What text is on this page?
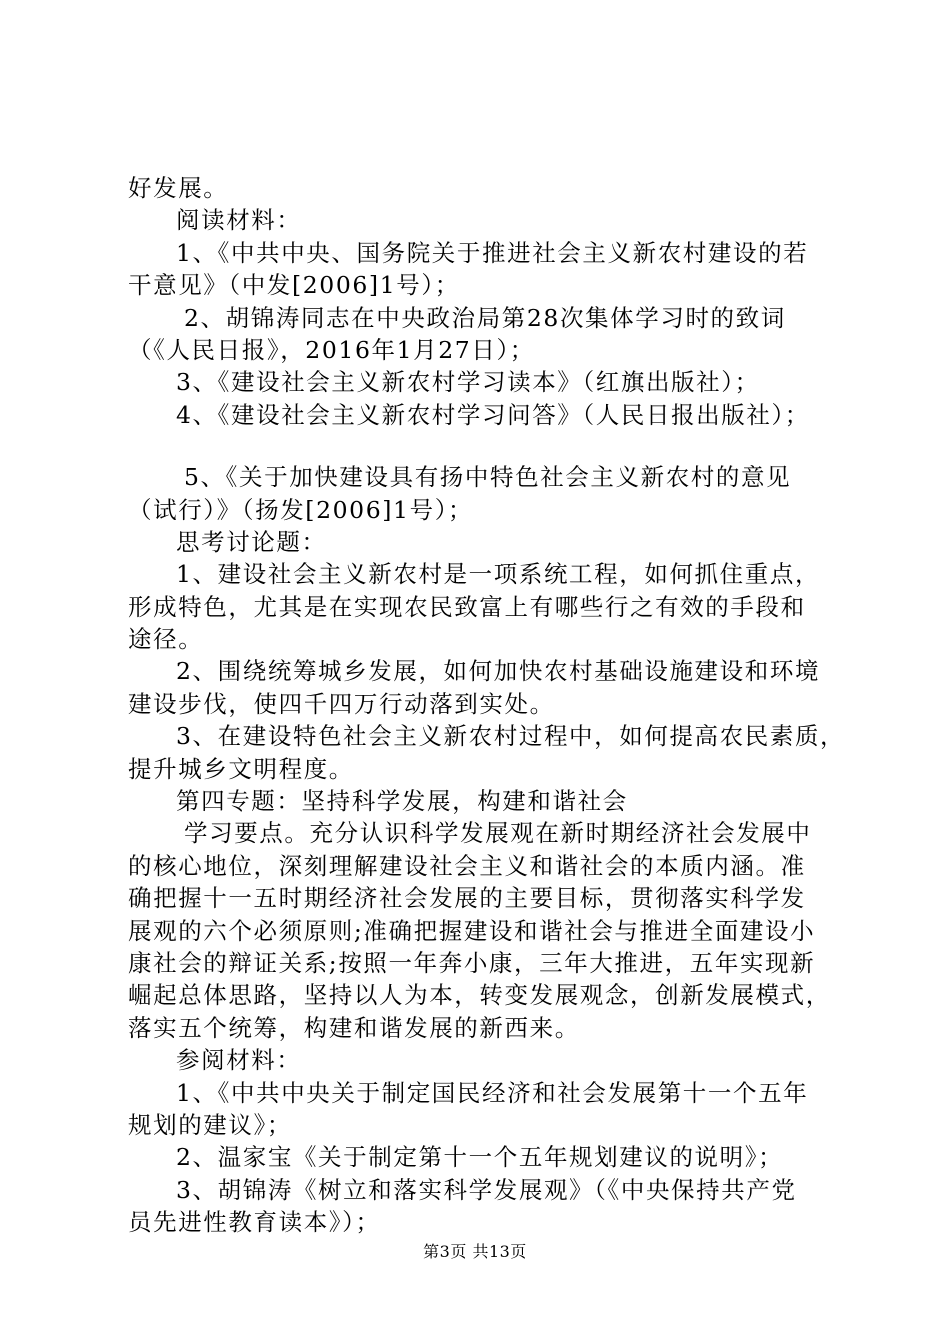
好发展。
阅读材料：
1、《中共中央、国务院关于推进社会主义新农村建设的若
干意见》（中发[2006]1号）；
2、胡锦涛同志在中央政治局第28次集体学习时的致词
（《人民日报》，2016年1月27日）；
3、《建设社会主义新农村学习读本》（红旗出版社）；
4、《建设社会主义新农村学习问答》（人民日报出版社）；
5、《关于加快建设具有扬中特色社会主义新农村的意见
（试行）》（扬发[2006]1号）；
思考讨论题：
1、建设社会主义新农村是一项系统工程，如何抓住重点，
形成特色，尤其是在实现农民致富上有哪些行之有效的手段和
途径。
2、围绕统筹城乡发展，如何加快农村基础设施建设和环境
建设步伐，使四千四万行动落到实处。
3、在建设特色社会主义新农村过程中，如何提高农民素质，
提升城乡文明程度。
第四专题：坚持科学发展，构建和谐社会
学习要点。充分认识科学发展观在新时期经济社会发展中
的核心地位，深刻理解建设社会主义和谐社会的本质内涵。准
确把握十一五时期经济社会发展的主要目标，贯彻落实科学发
展观的六个必须原则;准确把握建设和谐社会与推进全面建设小
康社会的辩证关系;按照一年奔小康，三年大推进，五年实现新
崛起总体思路，坚持以人为本，转变发展观念，创新发展模式，
落实五个统筹，构建和谐发展的新西来。
参阅材料：
1、《中共中央关于制定国民经济和社会发展第十一个五年
规划的建议》；
2、温家宝《关于制定第十一个五年规划建议的说明》；
3、胡锦涛《树立和落实科学发展观》（《中央保持共产党
员先进性教育读本》）；
第3页 共13页
